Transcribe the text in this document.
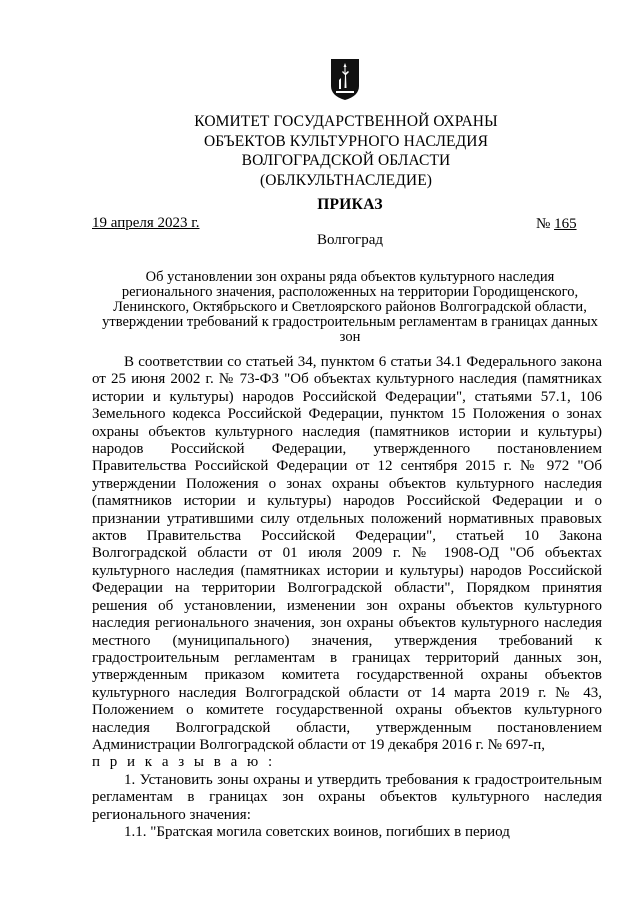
КОМИТЕТ ГОСУДАРСТВЕННОЙ ОХРАНЫ
ОБЪЕКТОВ КУЛЬТУРНОГО НАСЛЕДИЯ
ВОЛГОГРАДСКОЙ ОБЛАСТИ
(ОБЛКУЛЬТНАСЛЕДИЕ)
ПРИКАЗ
19 апреля 2023 г.	№ 165
Волгоград
Об установлении зон охраны ряда объектов культурного наследия регионального значения, расположенных на территории Городищенского, Ленинского, Октябрьского и Светлоярского районов Волгоградской области, утверждении требований к градостроительным регламентам в границах данных зон

В соответствии со статьей 34, пунктом 6 статьи 34.1 Федерального закона от 25 июня 2002 г. № 73-ФЗ "Об объектах культурного наследия (памятниках истории и культуры) народов Российской Федерации", статьями 57.1, 106 Земельного кодекса Российской Федерации, пунктом 15 Положения о зонах охраны объектов культурного наследия (памятников истории и культуры) народов Российской Федерации, утвержденного постановлением Правительства Российской Федерации от 12 сентября 2015 г. № 972 "Об утверждении Положения о зонах охраны объектов культурного наследия (памятников истории и культуры) народов Российской Федерации и о признании утратившими силу отдельных положений нормативных правовых актов Правительства Российской Федерации", статьей 10 Закона Волгоградской области от 01 июля 2009 г. № 1908-ОД "Об объектах культурного наследия (памятниках истории и культуры) народов Российской Федерации на территории Волгоградской области", Порядком принятия решения об установлении, изменении зон охраны объектов культурного наследия регионального значения, зон охраны объектов культурного наследия местного (муниципального) значения, утверждения требований к градостроительным регламентам в границах территорий данных зон, утвержденным приказом комитета государственной охраны объектов культурного наследия Волгоградской области от 14 марта 2019 г. № 43, Положением о комитете государственной охраны объектов культурного наследия Волгоградской области, утвержденным постановлением Администрации Волгоградской области от 19 декабря 2016 г. № 697-п,

п р и к а з ы в а ю :

1. Установить зоны охраны и утвердить требования к градостроительным регламентам в границах зон охраны объектов культурного наследия регионального значения:

1.1. "Братская могила советских воинов, погибших в период
